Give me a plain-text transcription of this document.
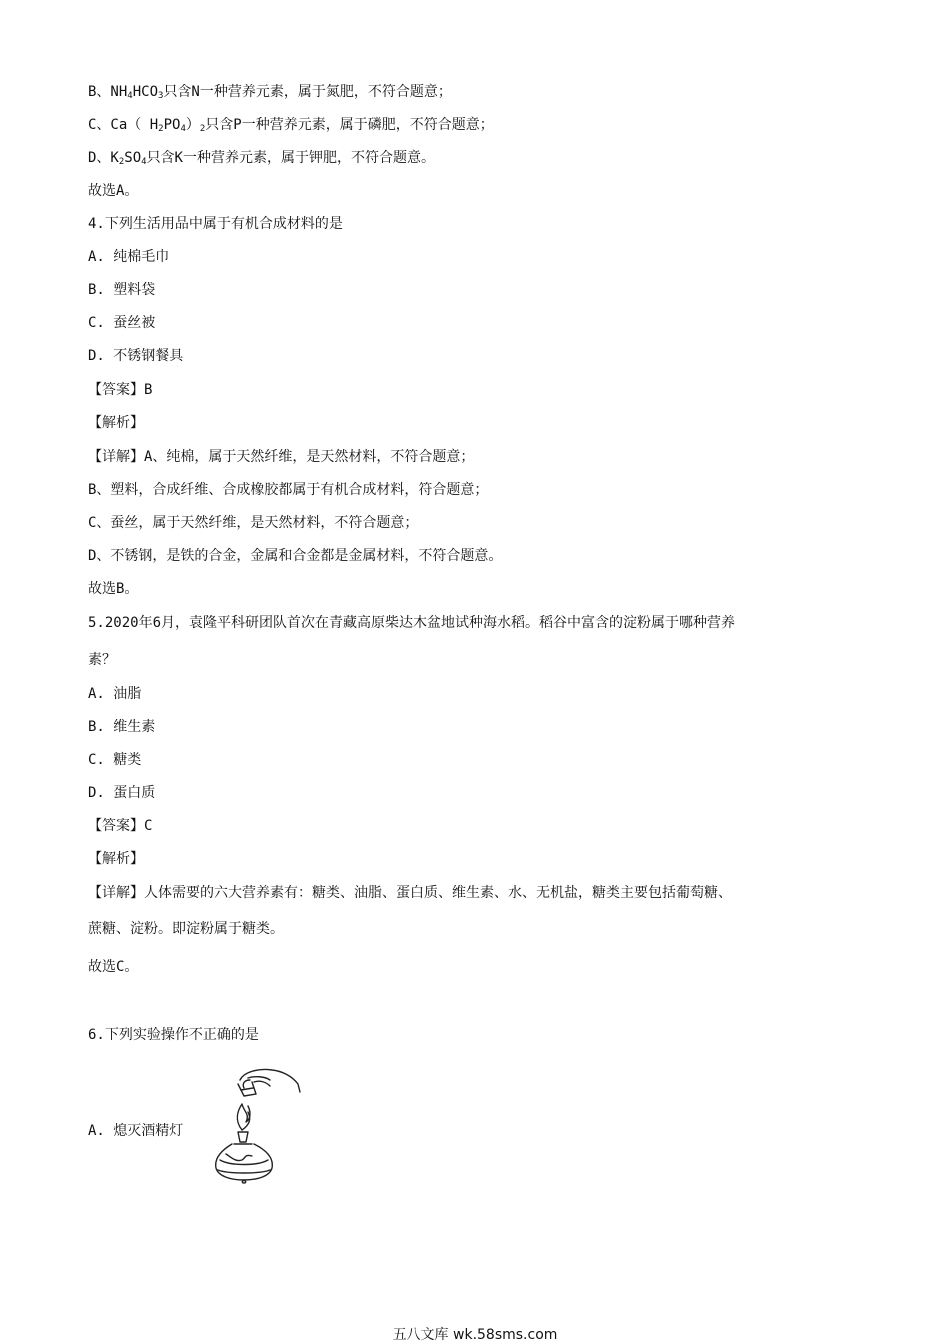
B、$NH_4HCO_3$只含N一种营养元素，属于氮肥，不符合题意；
C、Ca（ $H_2PO_4)_2$只含P一种营养元素，属于磷肥，不符合题意；
D、$K_2SO_4$只含K一种营养元素，属于钾肥，不符合题意。
故选A。
4.下列生活用品中属于有机合成材料的是
A. 纯棉毛巾
B. 塑料袋
C. 蚕丝被
D. 不锈钢餐具
【答案】B
【解析】
【详解】A、纯棉，属于天然纤维，是天然材料，不符合题意；
B、塑料，合成纤维、合成橡胶都属于有机合成材料，符合题意；
C、蚕丝，属于天然纤维，是天然材料，不符合题意；
D、不锈钢，是铁的合金，金属和合金都是金属材料，不符合题意。
故选B。
5.2020年6月，袁隆平科研团队首次在青藏高原柴达木盆地试种海水稻。稻谷中富含的淀粉属于哪种营养
素？
A. 油脂
B. 维生素
C. 糖类
D. 蛋白质
【答案】C
【解析】
【详解】人体需要的六大营养素有：糖类、油脂、蛋白质、维生素、水、无机盐，糖类主要包括葡萄糖、
蔗糖、淀粉。即淀粉属于糖类。
故选C。
6.下列实验操作不正确的是
A. 熄灭酒精灯
五八文库 wk.58sms.com
